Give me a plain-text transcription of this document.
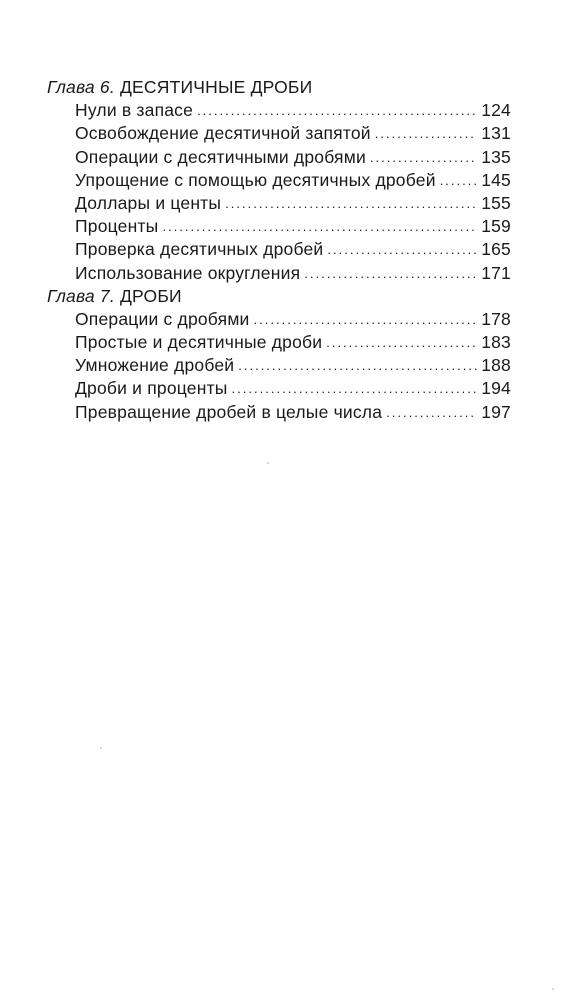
Глава 6. ДЕСЯТИЧНЫЕ ДРОБИ
Нули в запасе .....	124
Освобождение десятичной запятой .....	131
Операции с десятичными дробями .....	135
Упрощение с помощью десятичных дробей .....	145
Доллары и центы .....	155
Проценты .....	159
Проверка десятичных дробей .....	165
Использование округления .....	171
Глава 7. ДРОБИ
Операции с дробями .....	178
Простые и десятичные дроби .....	183
Умножение дробей .....	188
Дроби и проценты .....	194
Превращение дробей в целые числа .....	197
